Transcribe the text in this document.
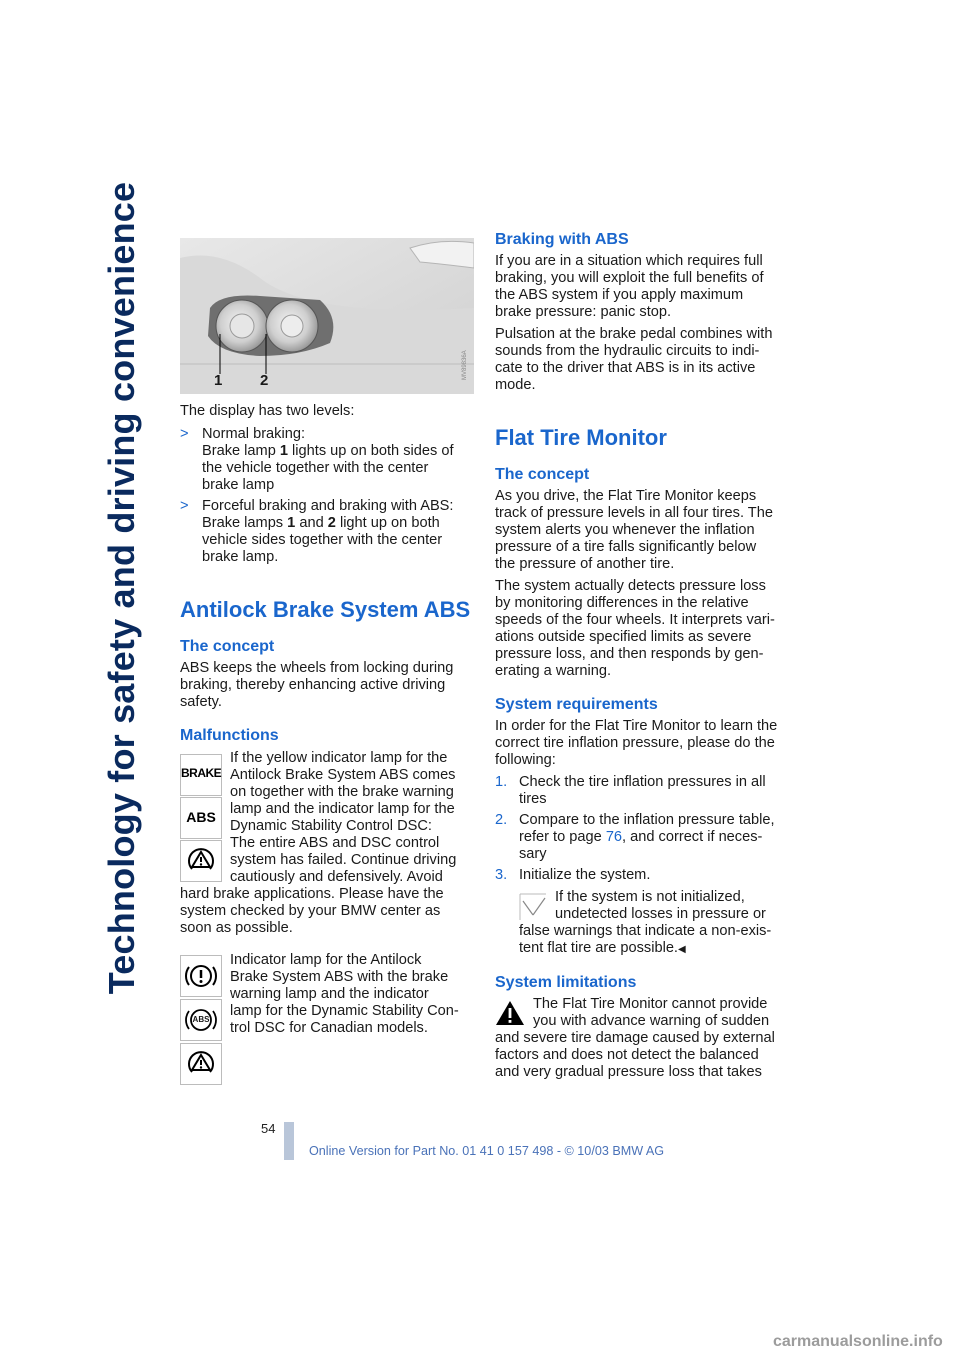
Technology for safety and driving convenience	1	2
MV89836A

The display has two levels:

> Normal braking:
Brake lamp 1 lights up on both sides of
the vehicle together with the center
brake lamp
> Forceful braking and braking with ABS:
Brake lamps 1 and 2 light up on both
vehicle sides together with the center
brake lamp.
Antilock Brake System ABS
The concept

ABS keeps the wheels from locking during

braking, thereby enhancing active driving

safety.

Malfunctions
BRAKE
ABS

If the yellow indicator lamp for the

Antilock Brake System ABS comes

on together with the brake warning

lamp and the indicator lamp for the

Dynamic Stability Control DSC:

The entire ABS and DSC control

system has failed. Continue driving

cautiously and defensively. Avoid

hard brake applications. Please have the

system checked by your BMW center as

soon as possible.

ABS

Indicator lamp for the Antilock

Brake System ABS with the brake

warning lamp and the indicator

lamp for the Dynamic Stability Con-

trol DSC for Canadian models.

Braking with ABS

If you are in a situation which requires full

braking, you will exploit the full benefits of

the ABS system if you apply maximum

brake pressure: panic stop.

Pulsation at the brake pedal combines with

sounds from the hydraulic circuits to indi-

cate to the driver that ABS is in its active

mode.

Flat Tire Monitor
The concept

As you drive, the Flat Tire Monitor keeps

track of pressure levels in all four tires. The

system alerts you whenever the inflation

pressure of a tire falls significantly below

the pressure of another tire.

The system actually detects pressure loss

by monitoring differences in the relative

speeds of the four wheels. It interprets vari-

ations outside specified limits as severe

pressure loss, and then responds by gen-

erating a warning.

System requirements

In order for the Flat Tire Monitor to learn the

correct tire inflation pressure, please do the

following:

1. Check the tire inflation pressures in all
tires
2. Compare to the inflation pressure table,
refer to page 76, and correct if neces-
sary
3. Initialize the system.

If the system is not initialized,

undetected losses in pressure or

false warnings that indicate a non-exis-

tent flat tire are possible.◀

System limitations

The Flat Tire Monitor cannot provide

you with advance warning of sudden

and severe tire damage caused by external

factors and does not detect the balanced

and very gradual pressure loss that takes

54
Online Version for Part No. 01 41 0 157 498 - © 10/03 BMW AG
carmanualsonline.info
